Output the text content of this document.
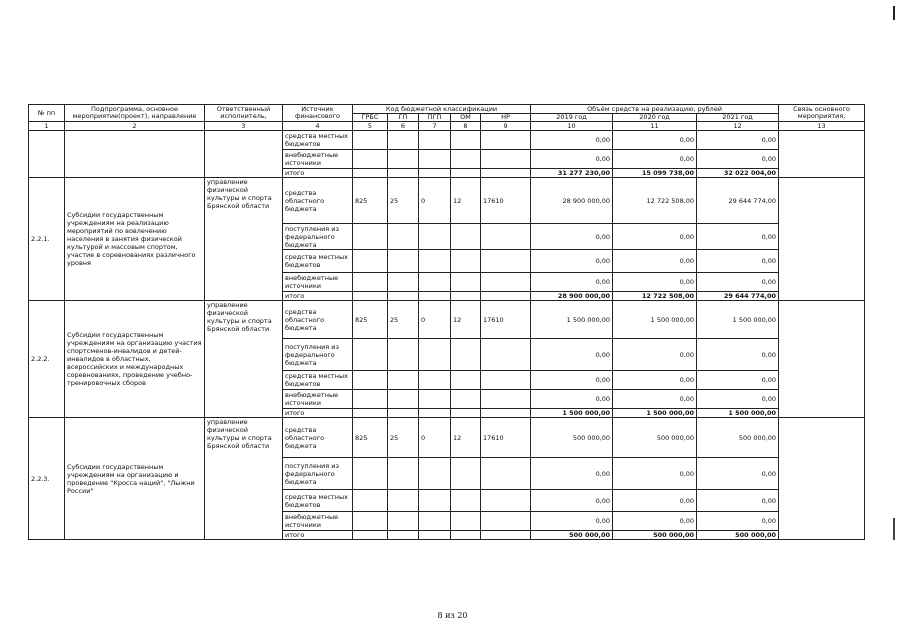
№ пп	Подпрограмма, основное мероприятие(проект), направление	Ответственный исполнитель,	Источник финансового	Код бюджетной классификации					Объём средств на реализацию, рублей			Связь основного мероприятия,
				ГРБС	ГП	ПГП	ОМ	НР	2019 год	2020 год	2021 год	
1	2	3	4	5	6	7	8	9	10	11	12	13
			средства местных бюджетов						0,00	0,00	0,00	
			внебюджетные источники						0,00	0,00	0,00	
			итого						31 277 230,00	15 099 738,00	32 022 004,00	
2.2.1.	Субсидии государственным учреждениям на реализацию мероприятий по вовлечению населения в занятия физической культурой и массовым спортом, участие в соревнованиях различного уровня	управление физической культуры и спорта Брянской области	средства областного бюджета	825	25	0	12	17610	28 900 000,00	12 722 508,00	29 644 774,00	
			поступления из федерального бюджета						0,00	0,00	0,00	
			средства местных бюджетов						0,00	0,00	0,00	
			внебюджетные источники						0,00	0,00	0,00	
			итого						28 900 000,00	12 722 508,00	29 644 774,00	
2.2.2.	Субсидии государственным учреждениям на организацию участия спортсменов-инвалидов и детей-инвалидов в областных, всероссийских и международных соревнованиях, проведение учебно-тренировочных сборов	управление физической культуры и спорта Брянской области	средства областного бюджета	825	25	0	12	17610	1 500 000,00	1 500 000,00	1 500 000,00	
			поступления из федерального бюджета						0,00	0,00	0,00	
			средства местных бюджетов						0,00	0,00	0,00	
			внебюджетные источники						0,00	0,00	0,00	
			итого						1 500 000,00	1 500 000,00	1 500 000,00	
2.2.3.	Субсидии государственным учреждениям на организацию и проведение "Кросса наций", "Лыжни России"	управление физической культуры и спорта Брянской области	средства областного бюджета	825	25	0	12	17610	500 000,00	500 000,00	500 000,00	
			поступления из федерального бюджета						0,00	0,00	0,00	
			средства местных бюджетов						0,00	0,00	0,00	
			внебюджетные источники						0,00	0,00	0,00	
			итого						500 000,00	500 000,00	500 000,00	
8 из 20
